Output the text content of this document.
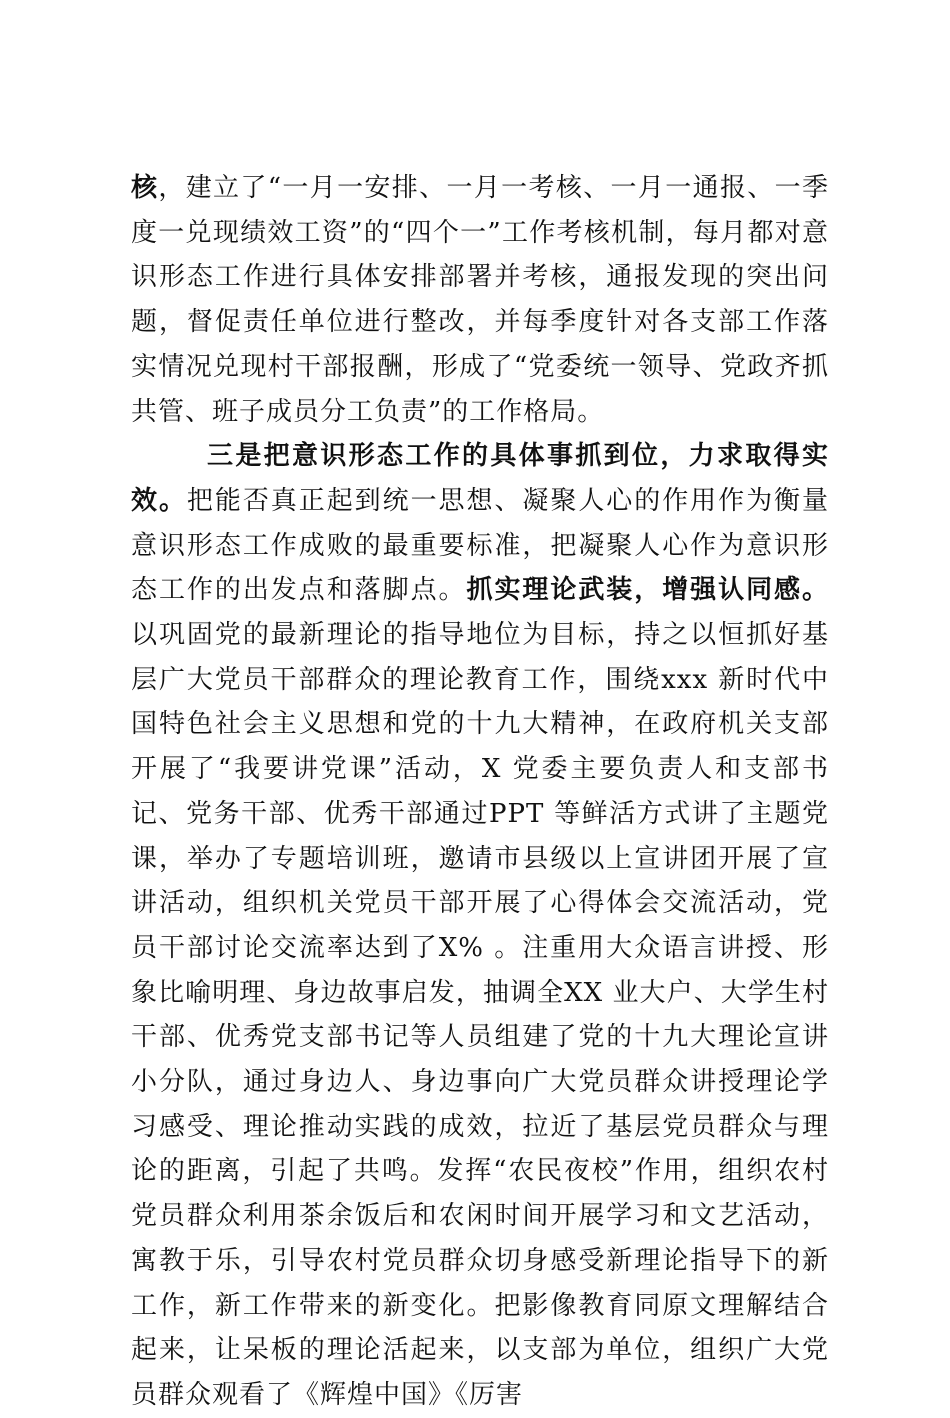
核，建立了“一月一安排、一月一考核、一月一通报、一季度一兑现绩效工资”的“四个一”工作考核机制，每月都对意识形态工作进行具体安排部署并考核，通报发现的突出问题，督促责任单位进行整改，并每季度针对各支部工作落实情况兑现村干部报酬，形成了“党委统一领导、党政齐抓共管、班子成员分工负责”的工作格局。

三是把意识形态工作的具体事抓到位，力求取得实效。把能否真正起到统一思想、凝聚人心的作用作为衡量意识形态工作成败的最重要标准，把凝聚人心作为意识形态工作的出发点和落脚点。抓实理论武装，增强认同感。以巩固党的最新理论的指导地位为目标，持之以恒抓好基层广大党员干部群众的理论教育工作，围绕xxx 新时代中国特色社会主义思想和党的十九大精神，在政府机关支部开展了“我要讲党课”活动，X 党委主要负责人和支部书记、党务干部、优秀干部通过PPT 等鲜活方式讲了主题党课，举办了专题培训班，邀请市县级以上宣讲团开展了宣讲活动，组织机关党员干部开展了心得体会交流活动，党员干部讨论交流率达到了X% 。注重用大众语言讲授、形象比喻明理、身边故事启发，抽调全XX 业大户、大学生村干部、优秀党支部书记等人员组建了党的十九大理论宣讲小分队，通过身边人、身边事向广大党员群众讲授理论学习感受、理论推动实践的成效，拉近了基层党员群众与理论的距离，引起了共鸣。发挥“农民夜校”作用，组织农村党员群众利用茶余饭后和农闲时间开展学习和文艺活动，寓教于乐，引导农村党员群众切身感受新理论指导下的新工作，新工作带来的新变化。把影像教育同原文理解结合起来，让呆板的理论活起来，以支部为单位，组织广大党员群众观看了《辉煌中国》《厉害
